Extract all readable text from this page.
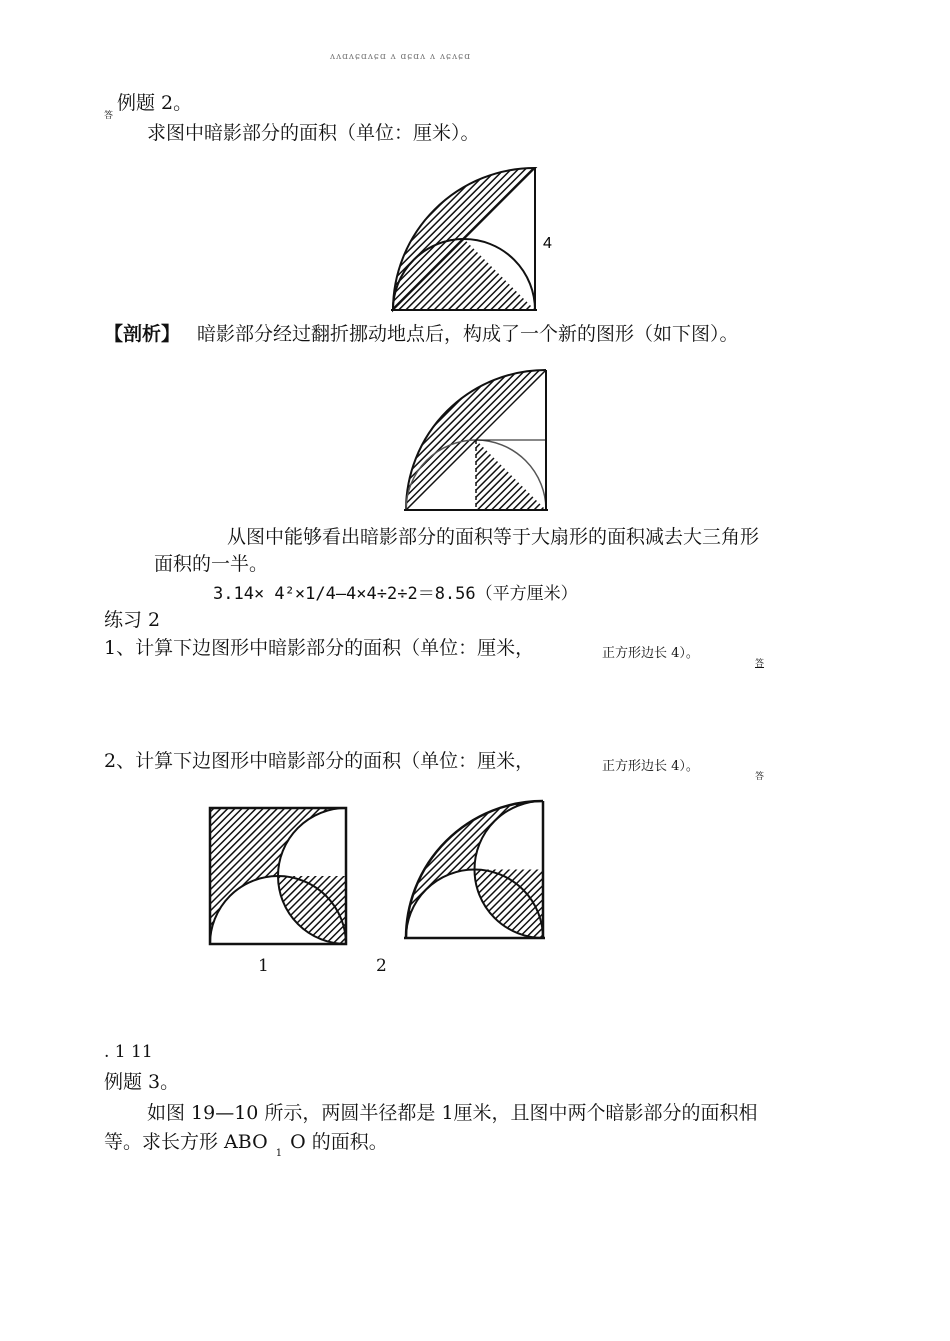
ʌʌɑʌɕɑʌɕɑ ʌ ɑɕɑʌ ʌ ʌɕʌɕɑ
答
例题 2。
求图中暗影部分的面积（单位：厘米）。
4
【剖析】 暗影部分经过翻折挪动地点后，构成了一个新的图形（如下图）。
从图中能够看出暗影部分的面积等于大扇形的面积减去大三角形
面积的一半。
3.14× 4²×1/4—4×4÷2÷2＝8.56（平方厘米）
练习 2
1、计算下边图形中暗影部分的面积（单位：厘米，	正方形边长 4）。
答
2、计算下边图形中暗影部分的面积（单位：厘米，	正方形边长 4）。
答
1	2
. 1 11
例题 3。
如图 19—10 所示，两圆半径都是 1厘米，且图中两个暗影部分的面积相
等。求长方形 ABO $_1$ O 的面积。
